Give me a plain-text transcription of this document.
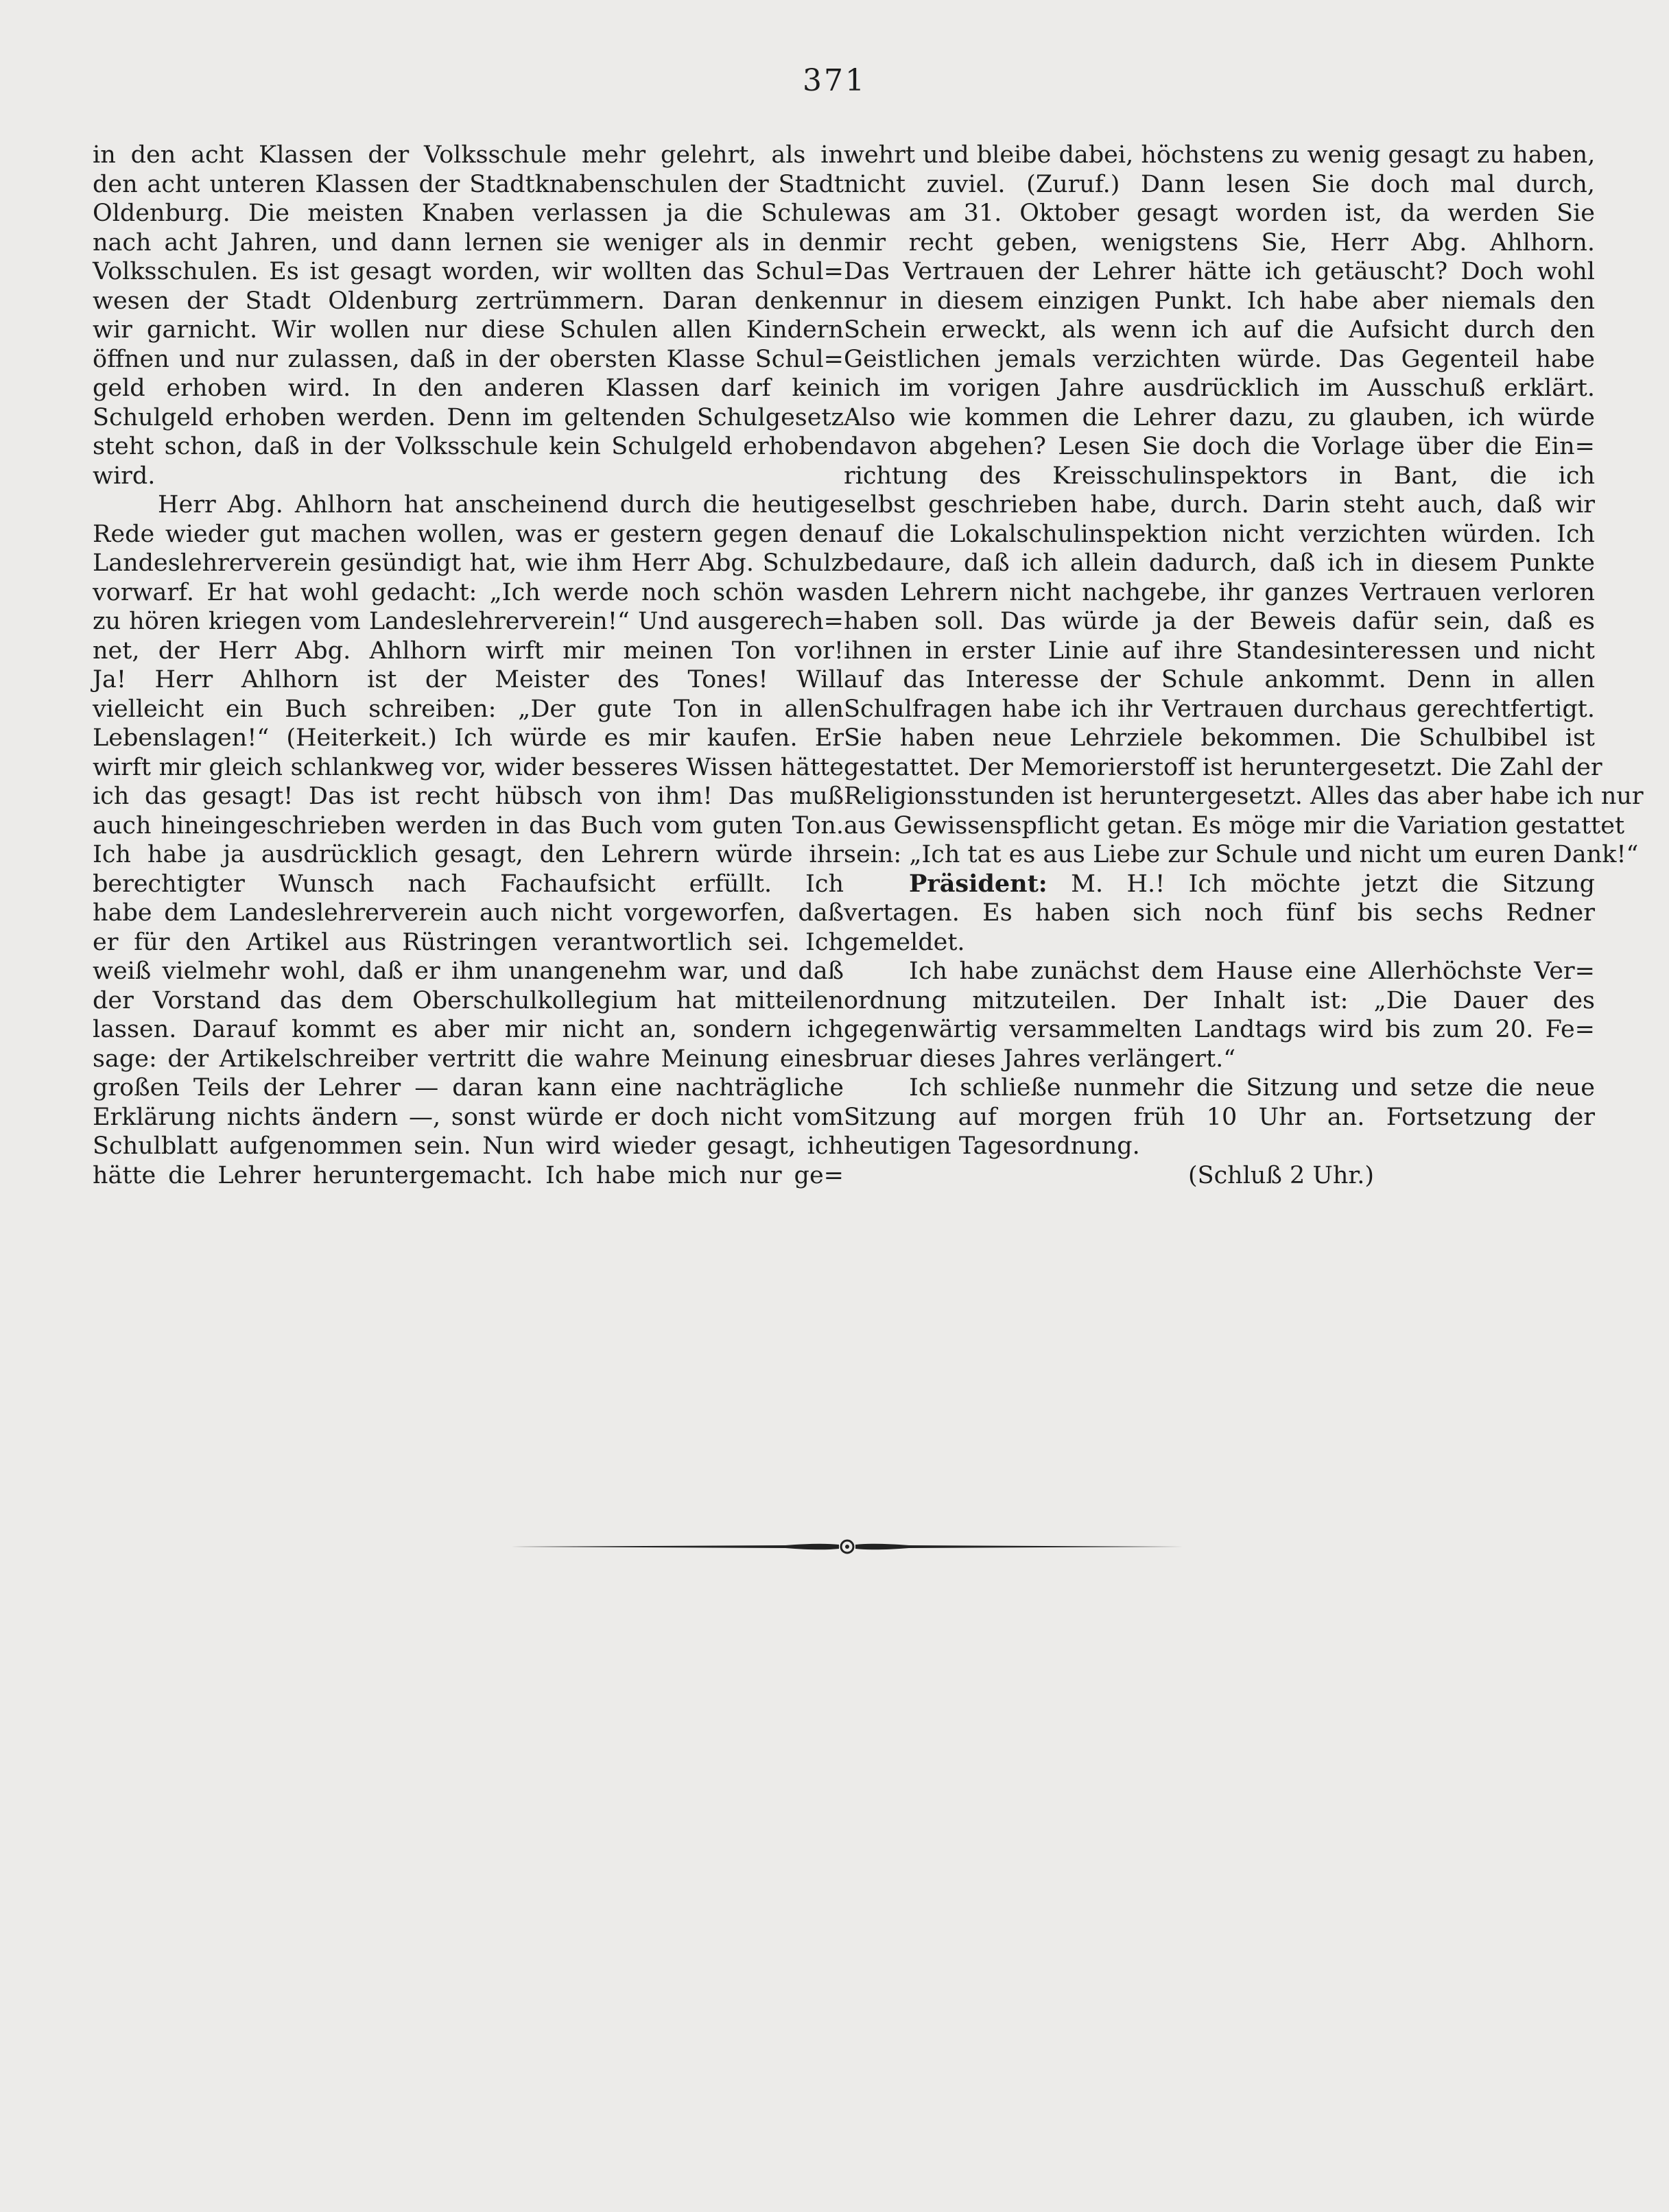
371
in den acht Klassen der Volksschule mehr gelehrt, als in
den acht unteren Klassen der Stadtknabenschulen der Stadt
Oldenburg. Die meisten Knaben verlassen ja die Schule
nach acht Jahren, und dann lernen sie weniger als in den
Volksschulen. Es ist gesagt worden, wir wollten das Schul=
wesen der Stadt Oldenburg zertrümmern. Daran denken
wir garnicht. Wir wollen nur diese Schulen allen Kindern
öffnen und nur zulassen, daß in der obersten Klasse Schul=
geld erhoben wird. In den anderen Klassen darf kein
Schulgeld erhoben werden. Denn im geltenden Schulgesetz
steht schon, daß in der Volksschule kein Schulgeld erhoben
wird.
Herr Abg. Ahlhorn hat anscheinend durch die heutige
Rede wieder gut machen wollen, was er gestern gegen den
Landeslehrerverein gesündigt hat, wie ihm Herr Abg. Schulz
vorwarf. Er hat wohl gedacht: „Ich werde noch schön was
zu hören kriegen vom Landeslehrerverein!“ Und ausgerech=
net, der Herr Abg. Ahlhorn wirft mir meinen Ton vor!
Ja! Herr Ahlhorn ist der Meister des Tones! Will
vielleicht ein Buch schreiben: „Der gute Ton in allen
Lebenslagen!“ (Heiterkeit.) Ich würde es mir kaufen. Er
wirft mir gleich schlankweg vor, wider besseres Wissen hätte
ich das gesagt! Das ist recht hübsch von ihm! Das muß
auch hineingeschrieben werden in das Buch vom guten Ton.
Ich habe ja ausdrücklich gesagt, den Lehrern würde ihr
berechtigter Wunsch nach Fachaufsicht erfüllt. Ich
habe dem Landeslehrerverein auch nicht vorgeworfen, daß
er für den Artikel aus Rüstringen verantwortlich sei. Ich
weiß vielmehr wohl, daß er ihm unangenehm war, und daß
der Vorstand das dem Oberschulkollegium hat mitteilen
lassen. Darauf kommt es aber mir nicht an, sondern ich
sage: der Artikelschreiber vertritt die wahre Meinung eines
großen Teils der Lehrer — daran kann eine nachträgliche
Erklärung nichts ändern —, sonst würde er doch nicht vom
Schulblatt aufgenommen sein. Nun wird wieder gesagt, ich
hätte die Lehrer heruntergemacht. Ich habe mich nur ge=
wehrt und bleibe dabei, höchstens zu wenig gesagt zu haben,
nicht zuviel. (Zuruf.) Dann lesen Sie doch mal durch,
was am 31. Oktober gesagt worden ist, da werden Sie
mir recht geben, wenigstens Sie, Herr Abg. Ahlhorn.
Das Vertrauen der Lehrer hätte ich getäuscht? Doch wohl
nur in diesem einzigen Punkt. Ich habe aber niemals den
Schein erweckt, als wenn ich auf die Aufsicht durch den
Geistlichen jemals verzichten würde. Das Gegenteil habe
ich im vorigen Jahre ausdrücklich im Ausschuß erklärt.
Also wie kommen die Lehrer dazu, zu glauben, ich würde
davon abgehen? Lesen Sie doch die Vorlage über die Ein=
richtung des Kreisschulinspektors in Bant, die ich
selbst geschrieben habe, durch. Darin steht auch, daß wir
auf die Lokalschulinspektion nicht verzichten würden. Ich
bedaure, daß ich allein dadurch, daß ich in diesem Punkte
den Lehrern nicht nachgebe, ihr ganzes Vertrauen verloren
haben soll. Das würde ja der Beweis dafür sein, daß es
ihnen in erster Linie auf ihre Standesinteressen und nicht
auf das Interesse der Schule ankommt. Denn in allen
Schulfragen habe ich ihr Vertrauen durchaus gerechtfertigt.
Sie haben neue Lehrziele bekommen. Die Schulbibel ist
gestattet. Der Memorierstoff ist heruntergesetzt. Die Zahl der
Religionsstunden ist heruntergesetzt. Alles das aber habe ich nur
aus Gewissenspflicht getan. Es möge mir die Variation gestattet
sein: „Ich tat es aus Liebe zur Schule und nicht um euren Dank!“
Präsident: M. H.! Ich möchte jetzt die Sitzung
vertagen. Es haben sich noch fünf bis sechs Redner
gemeldet.
Ich habe zunächst dem Hause eine Allerhöchste Ver=
ordnung mitzuteilen. Der Inhalt ist: „Die Dauer des
gegenwärtig versammelten Landtags wird bis zum 20. Fe=
bruar dieses Jahres verlängert.“
Ich schließe nunmehr die Sitzung und setze die neue
Sitzung auf morgen früh 10 Uhr an. Fortsetzung der
heutigen Tagesordnung.
(Schluß 2 Uhr.)
